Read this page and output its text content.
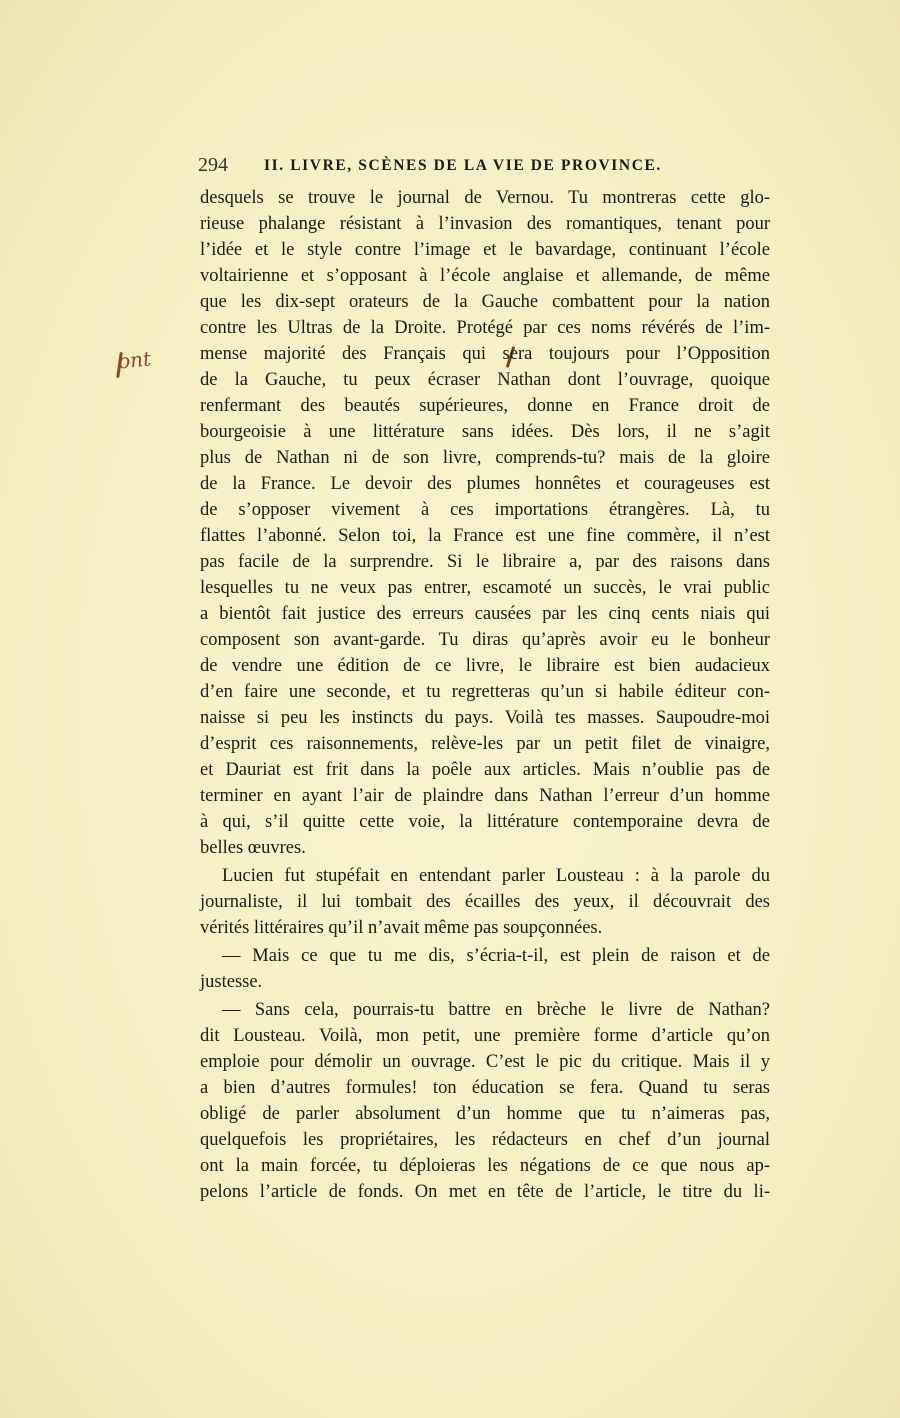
294 II. LIVRE, SCÈNES DE LA VIE DE PROVINCE.
ont
desquels se trouve le journal de Vernou. Tu montreras cette glo-
rieuse phalange résistant à l’invasion des romantiques, tenant pour
l’idée et le style contre l’image et le bavardage, continuant l’école
voltairienne et s’opposant à l’école anglaise et allemande, de même
que les dix-sept orateurs de la Gauche combattent pour la nation
contre les Ultras de la Droite. Protégé par ces noms révérés de l’im-
mense majorité des Français qui sera toujours pour l’Opposition
de la Gauche, tu peux écraser Nathan dont l’ouvrage, quoique
renfermant des beautés supérieures, donne en France droit de
bourgeoisie à une littérature sans idées. Dès lors, il ne s’agit
plus de Nathan ni de son livre, comprends-tu? mais de la gloire
de la France. Le devoir des plumes honnêtes et courageuses est
de s’opposer vivement à ces importations étrangères. Là, tu
flattes l’abonné. Selon toi, la France est une fine commère, il n’est
pas facile de la surprendre. Si le libraire a, par des raisons dans
lesquelles tu ne veux pas entrer, escamoté un succès, le vrai public
a bientôt fait justice des erreurs causées par les cinq cents niais qui
composent son avant-garde. Tu diras qu’après avoir eu le bonheur
de vendre une édition de ce livre, le libraire est bien audacieux
d’en faire une seconde, et tu regretteras qu’un si habile éditeur con-
naisse si peu les instincts du pays. Voilà tes masses. Saupoudre-moi
d’esprit ces raisonnements, relève-les par un petit filet de vinaigre,
et Dauriat est frit dans la poêle aux articles. Mais n’oublie pas de
terminer en ayant l’air de plaindre dans Nathan l’erreur d’un homme
à qui, s’il quitte cette voie, la littérature contemporaine devra de
belles œuvres.
Lucien fut stupéfait en entendant parler Lousteau : à la parole du
journaliste, il lui tombait des écailles des yeux, il découvrait des
vérités littéraires qu’il n’avait même pas soupçonnées.
— Mais ce que tu me dis, s’écria-t-il, est plein de raison et de
justesse.
— Sans cela, pourrais-tu battre en brèche le livre de Nathan?
dit Lousteau. Voilà, mon petit, une première forme d’article qu’on
emploie pour démolir un ouvrage. C’est le pic du critique. Mais il y
a bien d’autres formules! ton éducation se fera. Quand tu seras
obligé de parler absolument d’un homme que tu n’aimeras pas,
quelquefois les propriétaires, les rédacteurs en chef d’un journal
ont la main forcée, tu déploieras les négations de ce que nous ap-
pelons l’article de fonds. On met en tête de l’article, le titre du li-
